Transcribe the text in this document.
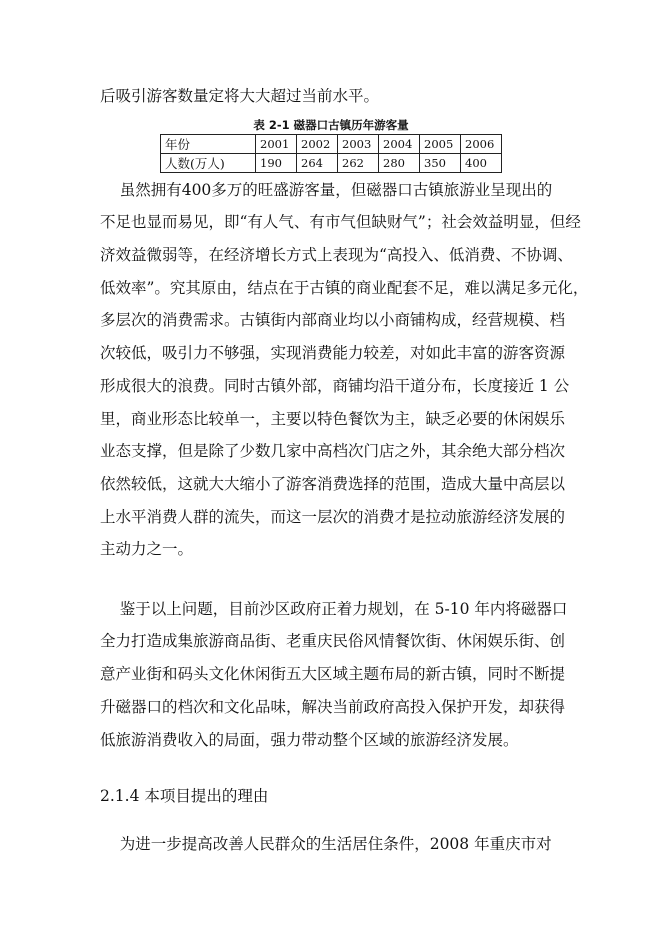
后吸引游客数量定将大大超过当前水平。
表 2-1 磁器口古镇历年游客量
年份	2001	2002	2003	2004	2005	2006
人数(万人)	190	264	262	280	350	400
虽然拥有400多万的旺盛游客量，但磁器口古镇旅游业呈现出的
不足也显而易见，即“有人气、有市气但缺财气”；社会效益明显，但经
济效益微弱等，在经济增长方式上表现为“高投入、低消费、不协调、
低效率”。究其原由，结点在于古镇的商业配套不足，难以满足多元化，
多层次的消费需求。古镇街内部商业均以小商铺构成，经营规模、档
次较低，吸引力不够强，实现消费能力较差，对如此丰富的游客资源
形成很大的浪费。同时古镇外部，商铺均沿干道分布，长度接近 1 公
里，商业形态比较单一，主要以特色餐饮为主，缺乏必要的休闲娱乐
业态支撑，但是除了少数几家中高档次门店之外，其余绝大部分档次
依然较低，这就大大缩小了游客消费选择的范围，造成大量中高层以
上水平消费人群的流失，而这一层次的消费才是拉动旅游经济发展的
主动力之一。
鉴于以上问题，目前沙区政府正着力规划，在 5-10 年内将磁器口
全力打造成集旅游商品街、老重庆民俗风情餐饮街、休闲娱乐街、创
意产业街和码头文化休闲街五大区域主题布局的新古镇，同时不断提
升磁器口的档次和文化品味，解决当前政府高投入保护开发，却获得
低旅游消费收入的局面，强力带动整个区域的旅游经济发展。
2.1.4 本项目提出的理由
为进一步提高改善人民群众的生活居住条件，2008 年重庆市对
